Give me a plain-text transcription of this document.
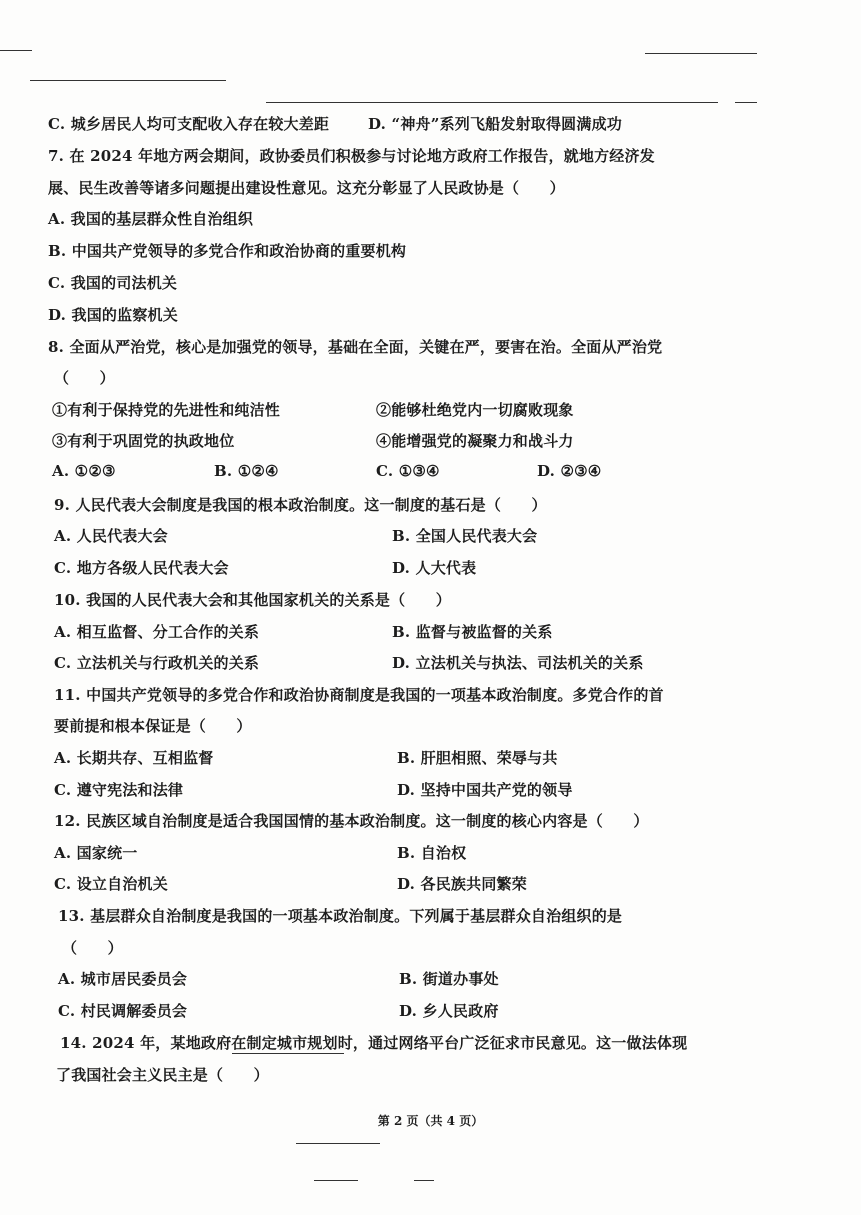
C. 城乡居民人均可支配收入存在较大差距	D. “神舟”系列飞船发射取得圆满成功
7. 在 2024 年地方两会期间，政协委员们积极参与讨论地方政府工作报告，就地方经济发
展、民生改善等诸多问题提出建设性意见。这充分彰显了人民政协是（　　）
A. 我国的基层群众性自治组织
B. 中国共产党领导的多党合作和政治协商的重要机构
C. 我国的司法机关
D. 我国的监察机关
8. 全面从严治党，核心是加强党的领导，基础在全面，关键在严，要害在治。全面从严治党
（　　）
①有利于保持党的先进性和纯洁性	②能够杜绝党内一切腐败现象
③有利于巩固党的执政地位	④能增强党的凝聚力和战斗力
A. ①②③	B. ①②④	C. ①③④	D. ②③④
9. 人民代表大会制度是我国的根本政治制度。这一制度的基石是（　　）
A. 人民代表大会	B. 全国人民代表大会
C. 地方各级人民代表大会	D. 人大代表
10. 我国的人民代表大会和其他国家机关的关系是（　　）
A. 相互监督、分工合作的关系	B. 监督与被监督的关系
C. 立法机关与行政机关的关系	D. 立法机关与执法、司法机关的关系
11. 中国共产党领导的多党合作和政治协商制度是我国的一项基本政治制度。多党合作的首
要前提和根本保证是（　　）
A. 长期共存、互相监督	B. 肝胆相照、荣辱与共
C. 遵守宪法和法律	D. 坚持中国共产党的领导
12. 民族区域自治制度是适合我国国情的基本政治制度。这一制度的核心内容是（　　）
A. 国家统一	B. 自治权
C. 设立自治机关	D. 各民族共同繁荣
13. 基层群众自治制度是我国的一项基本政治制度。下列属于基层群众自治组织的是
（　　）
A. 城市居民委员会	B. 街道办事处
C. 村民调解委员会	D. 乡人民政府
14. 2024 年，某地政府在制定城市规划时，通过网络平台广泛征求市民意见。这一做法体现
了我国社会主义民主是（　　）
第 2 页（共 4 页）
